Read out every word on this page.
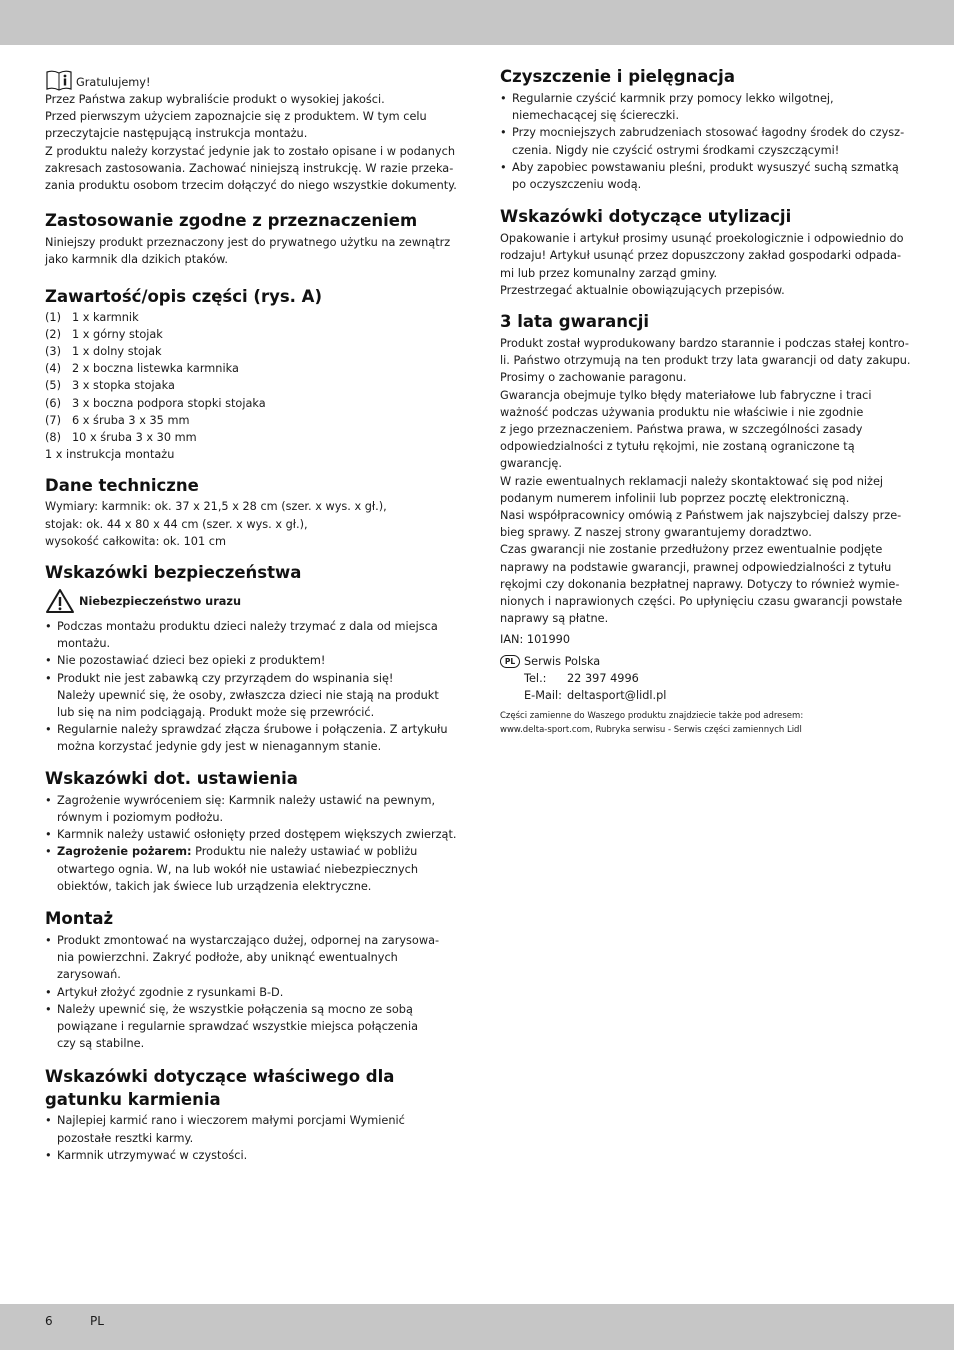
Gratulujemy!
Przez Państwa zakup wybraliście produkt o wysokiej jakości.
Przed pierwszym użyciem zapoznajcie się z produktem. W tym celu
przeczytajcie następującą instrukcja montażu.
Z produktu należy korzystać jedynie jak to zostało opisane i w podanych
zakresach zastosowania. Zachować niniejszą instrukcję. W razie przeka-
zania produktu osobom trzecim dołączyć do niego wszystkie dokumenty.
Zastosowanie zgodne z przeznaczeniem
Niniejszy produkt przeznaczony jest do prywatnego użytku na zewnątrz
jako karmnik dla dzikich ptaków.
Zawartość/opis części (rys. A)
(1) 1 x karmnik
(2) 1 x górny stojak
(3) 1 x dolny stojak
(4) 2 x boczna listewka karmnika
(5) 3 x stopka stojaka
(6) 3 x boczna podpora stopki stojaka
(7) 6 x śruba 3 x 35 mm
(8) 10 x śruba 3 x 30 mm
1 x instrukcja montażu
Dane techniczne
Wymiary: karmnik: ok. 37 x 21,5 x 28 cm (szer. x wys. x gł.),
stojak: ok. 44 x 80 x 44 cm (szer. x wys. x gł.),
wysokość całkowita: ok. 101 cm
Wskazówki bezpieczeństwa
Niebezpieczeństwo urazu
• Podczas montażu produktu dzieci należy trzymać z dala od miejsca
montażu.
• Nie pozostawiać dzieci bez opieki z produktem!
• Produkt nie jest zabawką czy przyrządem do wspinania się!
Należy upewnić się, że osoby, zwłaszcza dzieci nie stają na produkt
lub się na nim podciągają. Produkt może się przewrócić.
• Regularnie należy sprawdzać złącza śrubowe i połączenia. Z artykułu
można korzystać jedynie gdy jest w nienagannym stanie.
Wskazówki dot. ustawienia
• Zagrożenie wywróceniem się: Karmnik należy ustawić na pewnym,
równym i poziomym podłożu.
• Karmnik należy ustawić osłonięty przed dostępem większych zwierząt.
• Zagrożenie pożarem: Produktu nie należy ustawiać w pobliżu
otwartego ognia. W, na lub wokół nie ustawiać niebezpiecznych
obiektów, takich jak świece lub urządzenia elektryczne.
Montaż
• Produkt zmontować na wystarczająco dużej, odpornej na zarysowa-
nia powierzchni. Zakryć podłoże, aby uniknąć ewentualnych
zarysowań.
• Artykuł złożyć zgodnie z rysunkami B-D.
• Należy upewnić się, że wszystkie połączenia są mocno ze sobą
powiązane i regularnie sprawdzać wszystkie miejsca połączenia
czy są stabilne.
Wskazówki dotyczące właściwego dla
gatunku karmienia
• Najlepiej karmić rano i wieczorem małymi porcjami Wymienić
pozostałe resztki karmy.
• Karmnik utrzymywać w czystości.
Czyszczenie i pielęgnacja
• Regularnie czyścić karmnik przy pomocy lekko wilgotnej,
niemechacącej się ściereczki.
• Przy mocniejszych zabrudzeniach stosować łagodny środek do czysz-
czenia. Nigdy nie czyścić ostrymi środkami czyszczącymi!
• Aby zapobiec powstawaniu pleśni, produkt wysuszyć suchą szmatką
po oczyszczeniu wodą.
Wskazówki dotyczące utylizacji
Opakowanie i artykuł prosimy usunąć proekologicznie i odpowiednio do
rodzaju! Artykuł usunąć przez dopuszczony zakład gospodarki odpada-
mi lub przez komunalny zarząd gminy.
Przestrzegać aktualnie obowiązujących przepisów.
3 lata gwarancji
Produkt został wyprodukowany bardzo starannie i podczas stałej kontro-
li. Państwo otrzymują na ten produkt trzy lata gwarancji od daty zakupu.
Prosimy o zachowanie paragonu.
Gwarancja obejmuje tylko błędy materiałowe lub fabryczne i traci
ważność podczas używania produktu nie właściwie i nie zgodnie
z jego przeznaczeniem. Państwa prawa, w szczególności zasady
odpowiedzialności z tytułu rękojmi, nie zostaną ograniczone tą
gwarancję.
W razie ewentualnych reklamacji należy skontaktować się pod niżej
podanym numerem infolinii lub poprzez pocztę elektroniczną.
Nasi współpracownicy omówią z Państwem jak najszybciej dalszy prze-
bieg sprawy. Z naszej strony gwarantujemy doradztwo.
Czas gwarancji nie zostanie przedłużony przez ewentualnie podjęte
naprawy na podstawie gwarancji, prawnej odpowiedzialności z tytułu
rękojmi czy dokonania bezpłatnej naprawy. Dotyczy to również wymie-
nionych i naprawionych części. Po upłynięciu czasu gwarancji powstałe
naprawy są płatne.
IAN: 101990
PL Serwis Polska
Tel.:	22 397 4996
E-Mail: deltasport@lidl.pl
Części zamienne do Waszego produktu znajdziecie także pod adresem:
www.delta-sport.com, Rubryka serwisu - Serwis części zamiennych Lidl
6	PL
